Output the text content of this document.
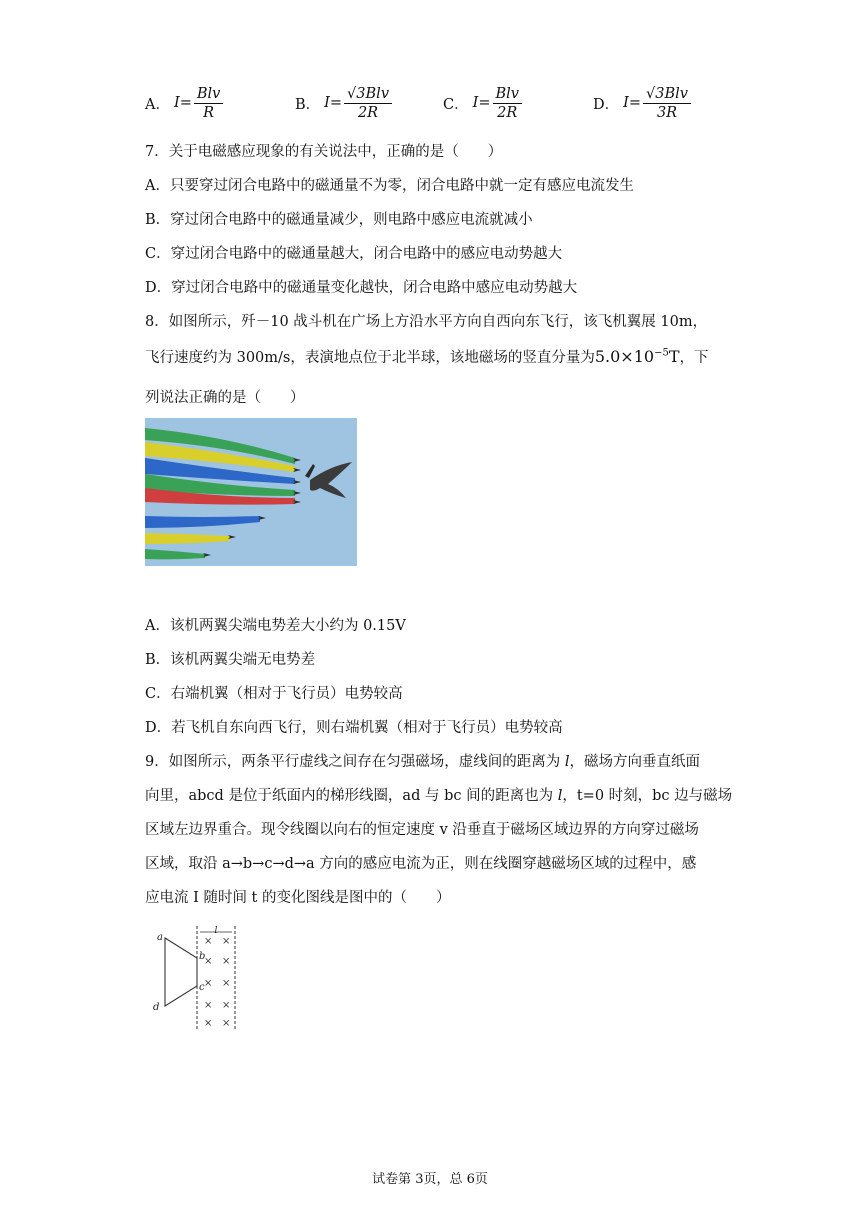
A． $I= \frac{\text{Blv}}{R}$	B． $I= \frac{\text{√3Blv}}{2R}$	C． $I= \frac{\text{Blv}}{2R}$	D． $I= \frac{\text{√3Blv}}{3R}$
7．关于电磁感应现象的有关说法中，正确的是（　　）
A．只要穿过闭合电路中的磁通量不为零，闭合电路中就一定有感应电流发生
B．穿过闭合电路中的磁通量减少，则电路中感应电流就减小
C．穿过闭合电路中的磁通量越大，闭合电路中的感应电动势越大
D．穿过闭合电路中的磁通量变化越快，闭合电路中感应电动势越大
8．如图所示，歼－10 战斗机在广场上方沿水平方向自西向东飞行，该飞机翼展 10m，
飞行速度约为 300m/s，表演地点位于北半球，该地磁场的竖直分量为$5.0\times 10^{-5}T$，下
列说法正确的是（　　）
A．该机两翼尖端电势差大小约为 0.15V
B．该机两翼尖端无电势差
C．右端机翼（相对于飞行员）电势较高
D．若飞机自东向西飞行，则右端机翼（相对于飞行员）电势较高
9．如图所示，两条平行虚线之间存在匀强磁场，虚线间的距离为 l，磁场方向垂直纸面
向里，abcd 是位于纸面内的梯形线圈，ad 与 bc 间的距离也为 l，t=0 时刻，bc 边与磁场
区域左边界重合。现令线圈以向右的恒定速度 v 沿垂直于磁场区域边界的方向穿过磁场
区域，取沿 a→b→c→d→a 方向的感应电流为正，则在线圈穿越磁场区域的过程中，感
应电流 I 随时间 t 的变化图线是图中的（　　）
l
a
b
c
d
× ×
× ×
× ×
× ×
× ×
试卷第 3页，总 6页
